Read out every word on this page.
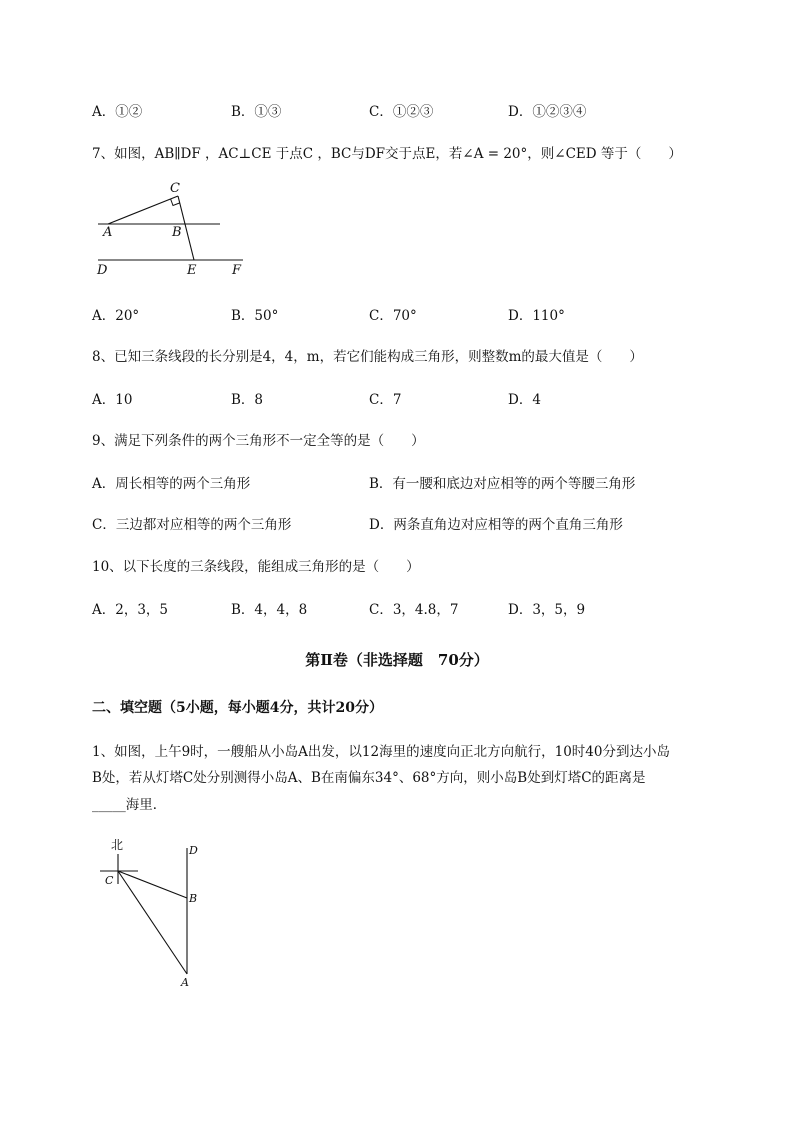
A．①②	B．①③	C．①②③	D．①②③④
7、如图，AB∥DF ，AC⊥CE 于点C ，BC与DF交于点E，若∠A = 20°，则∠CED 等于（　　）
C
A	B
D	E	F
A．20°	B．50°	C．70°	D．110°
8、已知三条线段的长分别是4，4，m，若它们能构成三角形，则整数m的最大值是（　　）
A．10	B．8	C．7	D．4
9、满足下列条件的两个三角形不一定全等的是（　　）
A．周长相等的两个三角形	B．有一腰和底边对应相等的两个等腰三角形
C．三边都对应相等的两个三角形	D．两条直角边对应相等的两个直角三角形
10、以下长度的三条线段，能组成三角形的是（　　）
A．2，3，5	B．4，4，8	C．3，4.8，7	D．3，5，9
第Ⅱ卷（非选择题　70分）
二、填空题（5小题，每小题4分，共计20分）
1、如图，上午9时，一艘船从小岛A出发，以12海里的速度向正北方向航行，10时40分到达小岛
B处，若从灯塔C处分别测得小岛A、B在南偏东34°、68°方向，则小岛B处到灯塔C的距离是
_____海里．
北
C
D
B
A
